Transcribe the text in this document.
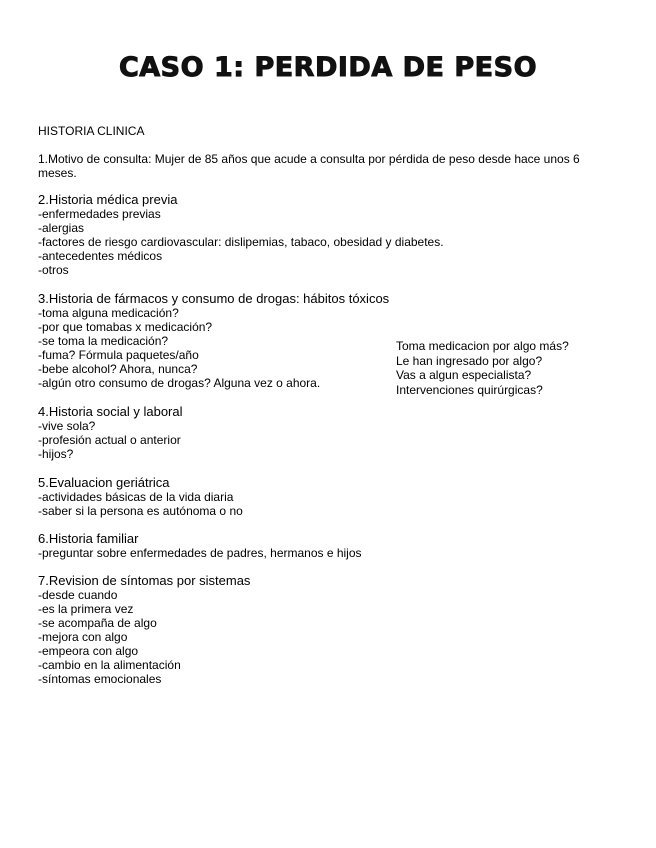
CASO 1: PERDIDA DE PESO
HISTORIA CLINICA
1.Motivo de consulta: Mujer de 85 años que acude a consulta por pérdida de peso desde hace unos 6 meses.
2.Historia médica previa
-enfermedades previas
-alergias
-factores de riesgo cardiovascular: dislipemias, tabaco, obesidad y diabetes.
-antecedentes médicos
-otros
3.Historia de fármacos y consumo de drogas: hábitos tóxicos
-toma alguna medicación?
-por que tomabas x medicación?
-se toma la medicación?
-fuma? Fórmula paquetes/año
-bebe alcohol? Ahora, nunca?
-algún otro consumo de drogas? Alguna vez o ahora.
Toma medicacion por algo más?
Le han ingresado por algo?
Vas a algun especialista?
Intervenciones quirúrgicas?
4.Historia social y laboral
-vive sola?
-profesión actual o anterior
-hijos?
5.Evaluacion geriátrica
-actividades básicas de la vida diaria
-saber si la persona es autónoma o no
6.Historia familiar
-preguntar sobre enfermedades de padres, hermanos e hijos
7.Revision de síntomas por sistemas
-desde cuando
-es la primera vez
-se acompaña de algo
-mejora con algo
-empeora con algo
-cambio en la alimentación
-síntomas emocionales
